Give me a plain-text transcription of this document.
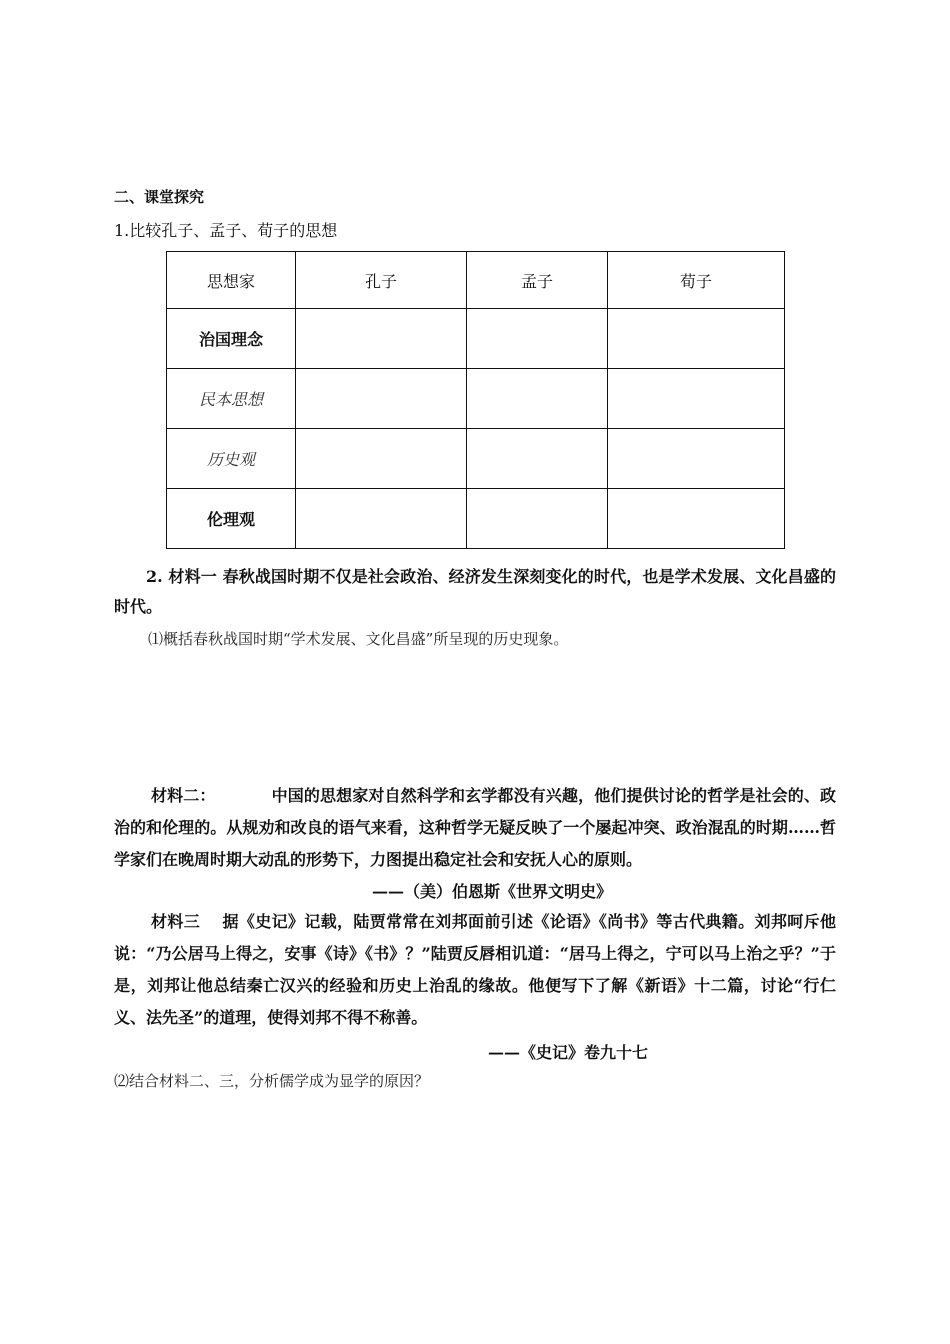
二、课堂探究
1.比较孔子、孟子、荀子的思想
思想家	孔子	孟子	荀子
治国理念			
民本思想			
历史观			
伦理观			
2. 材料一 春秋战国时期不仅是社会政治、经济发生深刻变化的时代，也是学术发展、文化昌盛的时代。
⑴概括春秋战国时期“学术发展、文化昌盛”所呈现的历史现象。
材料二：	中国的思想家对自然科学和玄学都没有兴趣，他们提供讨论的哲学是社会的、政治的和伦理的。从规劝和改良的语气来看，这种哲学无疑反映了一个屡起冲突、政治混乱的时期……哲学家们在晚周时期大动乱的形势下，力图提出稳定社会和安抚人心的原则。
——（美）伯恩斯《世界文明史》
材料三 据《史记》记载，陆贾常常在刘邦面前引述《论语》《尚书》等古代典籍。刘邦呵斥他说：“乃公居马上得之，安事《诗》《书》？”陆贾反唇相讥道：“居马上得之，宁可以马上治之乎？”于是，刘邦让他总结秦亡汉兴的经验和历史上治乱的缘故。他便写下了解《新语》十二篇，讨论“行仁义、法先圣”的道理，使得刘邦不得不称善。
——《史记》卷九十七
⑵结合材料二、三，分析儒学成为显学的原因？
